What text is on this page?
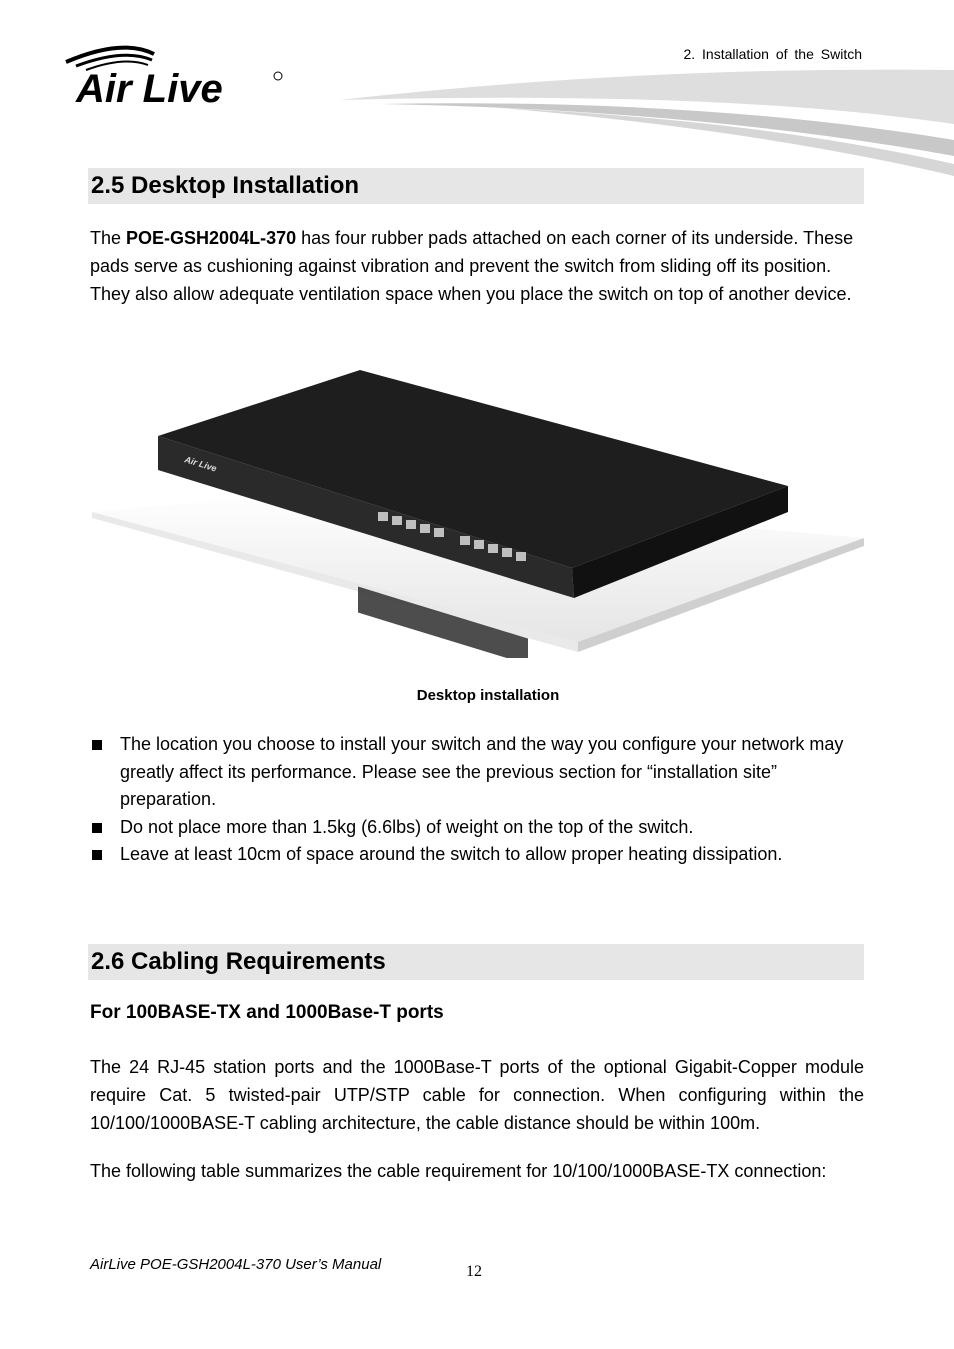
Air Live
2. Installation of the Switch
2.5 Desktop Installation
The POE-GSH2004L-370 has four rubber pads attached on each corner of its underside. These pads serve as cushioning against vibration and prevent the switch from sliding off its position. They also allow adequate ventilation space when you place the switch on top of another device.
Air Live
Desktop installation
The location you choose to install your switch and the way you configure your network may greatly affect its performance. Please see the previous section for “installation site” preparation.
Do not place more than 1.5kg (6.6lbs) of weight on the top of the switch.
Leave at least 10cm of space around the switch to allow proper heating dissipation.
2.6 Cabling Requirements
For 100BASE-TX and 1000Base-T ports
The 24 RJ-45 station ports and the 1000Base-T ports of the optional Gigabit-Copper module require Cat. 5 twisted-pair UTP/STP cable for connection. When configuring within the 10/100/1000BASE-T cabling architecture, the cable distance should be within 100m.
The following table summarizes the cable requirement for 10/100/1000BASE-TX connection:
AirLive POE-GSH2004L-370 User’s Manual	12
